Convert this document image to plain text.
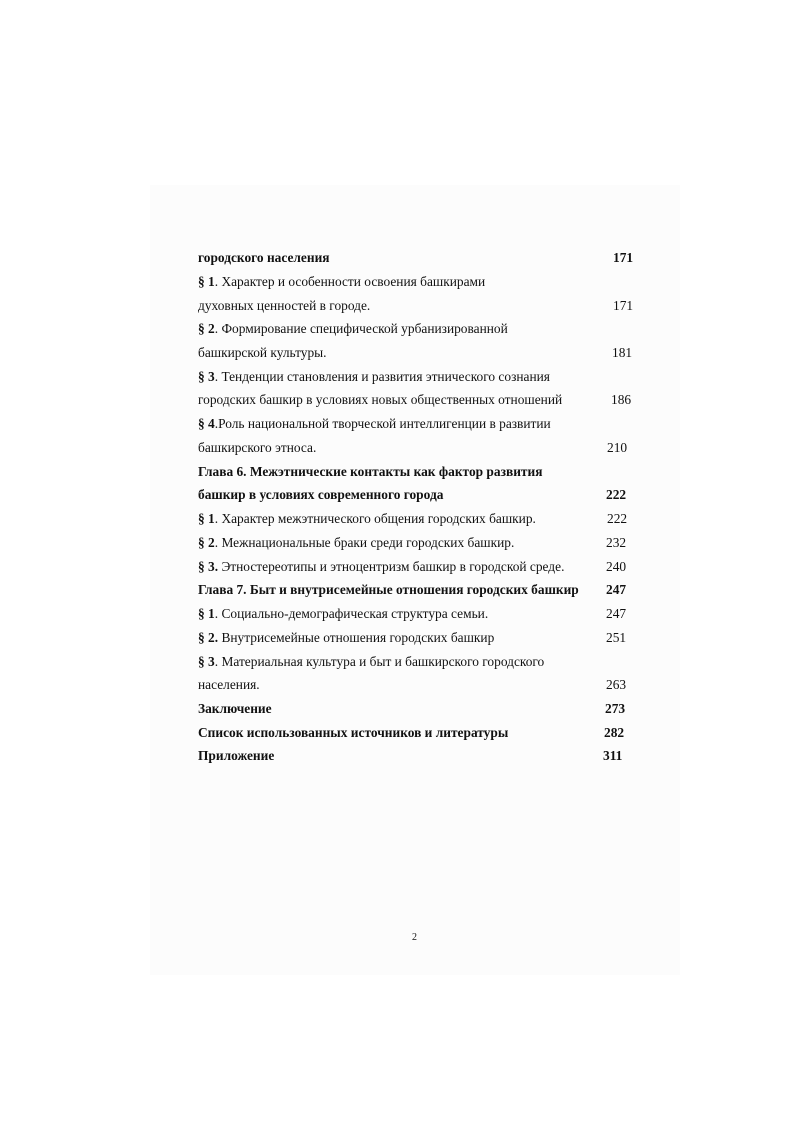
городского населения	171
§ 1. Характер и особенности освоения башкирами
духовных ценностей в городе.	171
§ 2. Формирование специфической урбанизированной
башкирской культуры.	181
§ 3. Тенденции становления и развития этнического сознания
городских башкир в условиях новых общественных отношений	186
§ 4.Роль национальной творческой интеллигенции в развитии
башкирского этноса.	210
Глава 6. Межэтнические контакты как фактор развития
башкир в условиях современного города	222
§ 1. Характер межэтнического общения городских башкир.	222
§ 2. Межнациональные браки среди городских башкир.	232
§ 3. Этностереотипы и этноцентризм башкир в городской среде.	240
Глава 7. Быт и внутрисемейные отношения городских башкир 247
§ 1. Социально-демографическая структура семьи.	247
§ 2. Внутрисемейные отношения городских башкир	251
§ 3. Материальная культура и быт и башкирского городского
населения.	263
Заключение	273
Список использованных источников и литературы	282
Приложение	311
2
